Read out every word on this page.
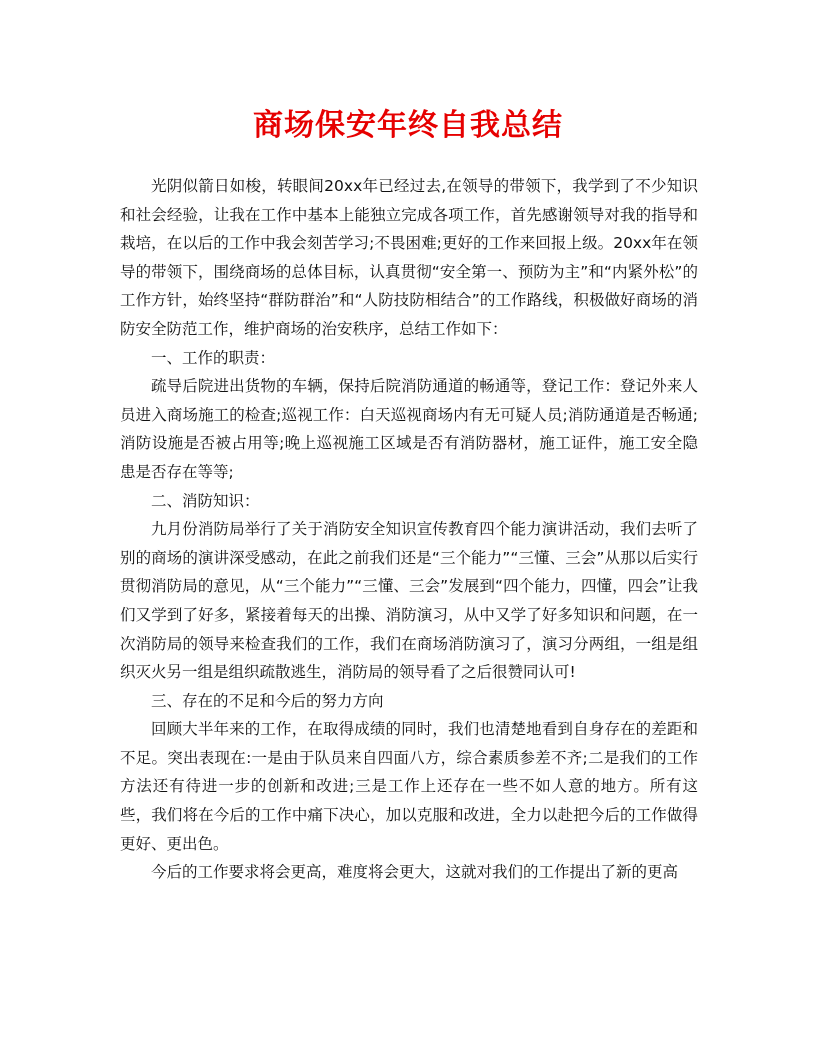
商场保安年终自我总结

光阴似箭日如梭，转眼间20xx年已经过去,在领导的带领下，我学到了不少知识和社会经验，让我在工作中基本上能独立完成各项工作，首先感谢领导对我的指导和栽培，在以后的工作中我会刻苦学习;不畏困难;更好的工作来回报上级。20xx年在领导的带领下，围绕商场的总体目标，认真贯彻“安全第一、预防为主”和“内紧外松”的工作方针，始终坚持“群防群治”和“人防技防相结合”的工作路线，积极做好商场的消防安全防范工作，维护商场的治安秩序，总结工作如下：

一、工作的职责：

疏导后院进出货物的车辆，保持后院消防通道的畅通等，登记工作：登记外来人员进入商场施工的检查;巡视工作：白天巡视商场内有无可疑人员;消防通道是否畅通;消防设施是否被占用等;晚上巡视施工区域是否有消防器材，施工证件，施工安全隐患是否存在等等;

二、消防知识：

九月份消防局举行了关于消防安全知识宣传教育四个能力演讲活动，我们去听了别的商场的演讲深受感动，在此之前我们还是“三个能力”“三懂、三会”从那以后实行贯彻消防局的意见，从“三个能力”“三懂、三会”发展到“四个能力，四懂，四会”让我们又学到了好多，紧接着每天的出操、消防演习，从中又学了好多知识和问题，在一次消防局的领导来检查我们的工作，我们在商场消防演习了，演习分两组，一组是组织灭火另一组是组织疏散逃生，消防局的领导看了之后很赞同认可!

三、存在的不足和今后的努力方向

回顾大半年来的工作，在取得成绩的同时，我们也清楚地看到自身存在的差距和不足。突出表现在:一是由于队员来自四面八方，综合素质参差不齐;二是我们的工作方法还有待进一步的创新和改进;三是工作上还存在一些不如人意的地方。所有这些，我们将在今后的工作中痛下决心，加以克服和改进，全力以赴把今后的工作做得更好、更出色。

今后的工作要求将会更高，难度将会更大，这就对我们的工作提出了新的更高
